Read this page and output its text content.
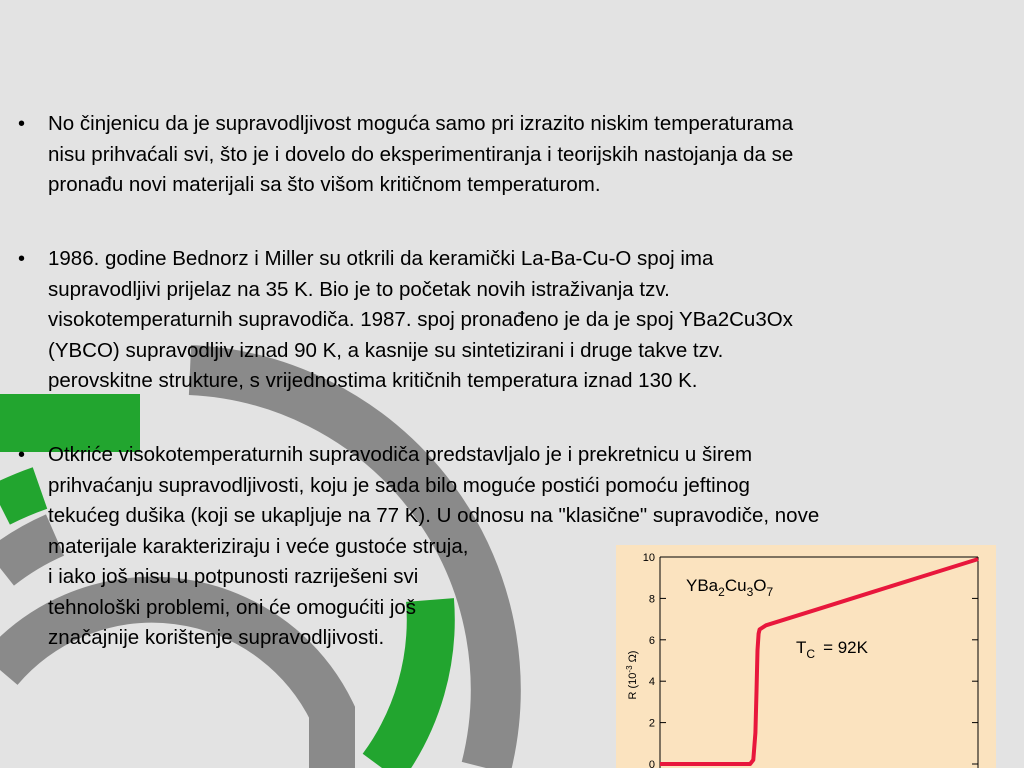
• No činjenicu da je supravodljivost moguća samo pri izrazito niskim temperaturama
nisu prihvaćali svi, što je i dovelo do eksperimentiranja i teorijskih nastojanja da se
pronađu novi materijali sa što višom kritičnom temperaturom.
• 1986. godine Bednorz i Miller su otkrili da keramički La-Ba-Cu-O spoj ima
supravodljivi prijelaz na 35 K. Bio je to početak novih istraživanja tzv.
visokotemperaturnih supravodiča. 1987. spoj pronađeno je da je spoj YBa2Cu3Ox
(YBCO) supravodljiv iznad 90 K, a kasnije su sintetizirani i druge takve tzv.
perovskitne strukture, s vrijednostima kritičnih temperatura iznad 130 K.
• Otkriće visokotemperaturnih supravodiča predstavljalo je i prekretnicu u širem
prihvaćanju supravodljivosti, koju je sada bilo moguće postići pomoću jeftinog
tekućeg dušika (koji se ukapljuje na 77 K). U odnosu na "klasične" supravodiče, nove
materijale karakteriziraju i veće gustoće struja,
i iako još nisu u potpunosti razriješeni svi
tehnološki problemi, oni će omogućiti još
značajnije korištenje supravodljivosti.
0
2
4
6
8
10
$YBa_2Cu_3O_7$
$T_C = 92K$
R ($10^{-3}$ Ω)
